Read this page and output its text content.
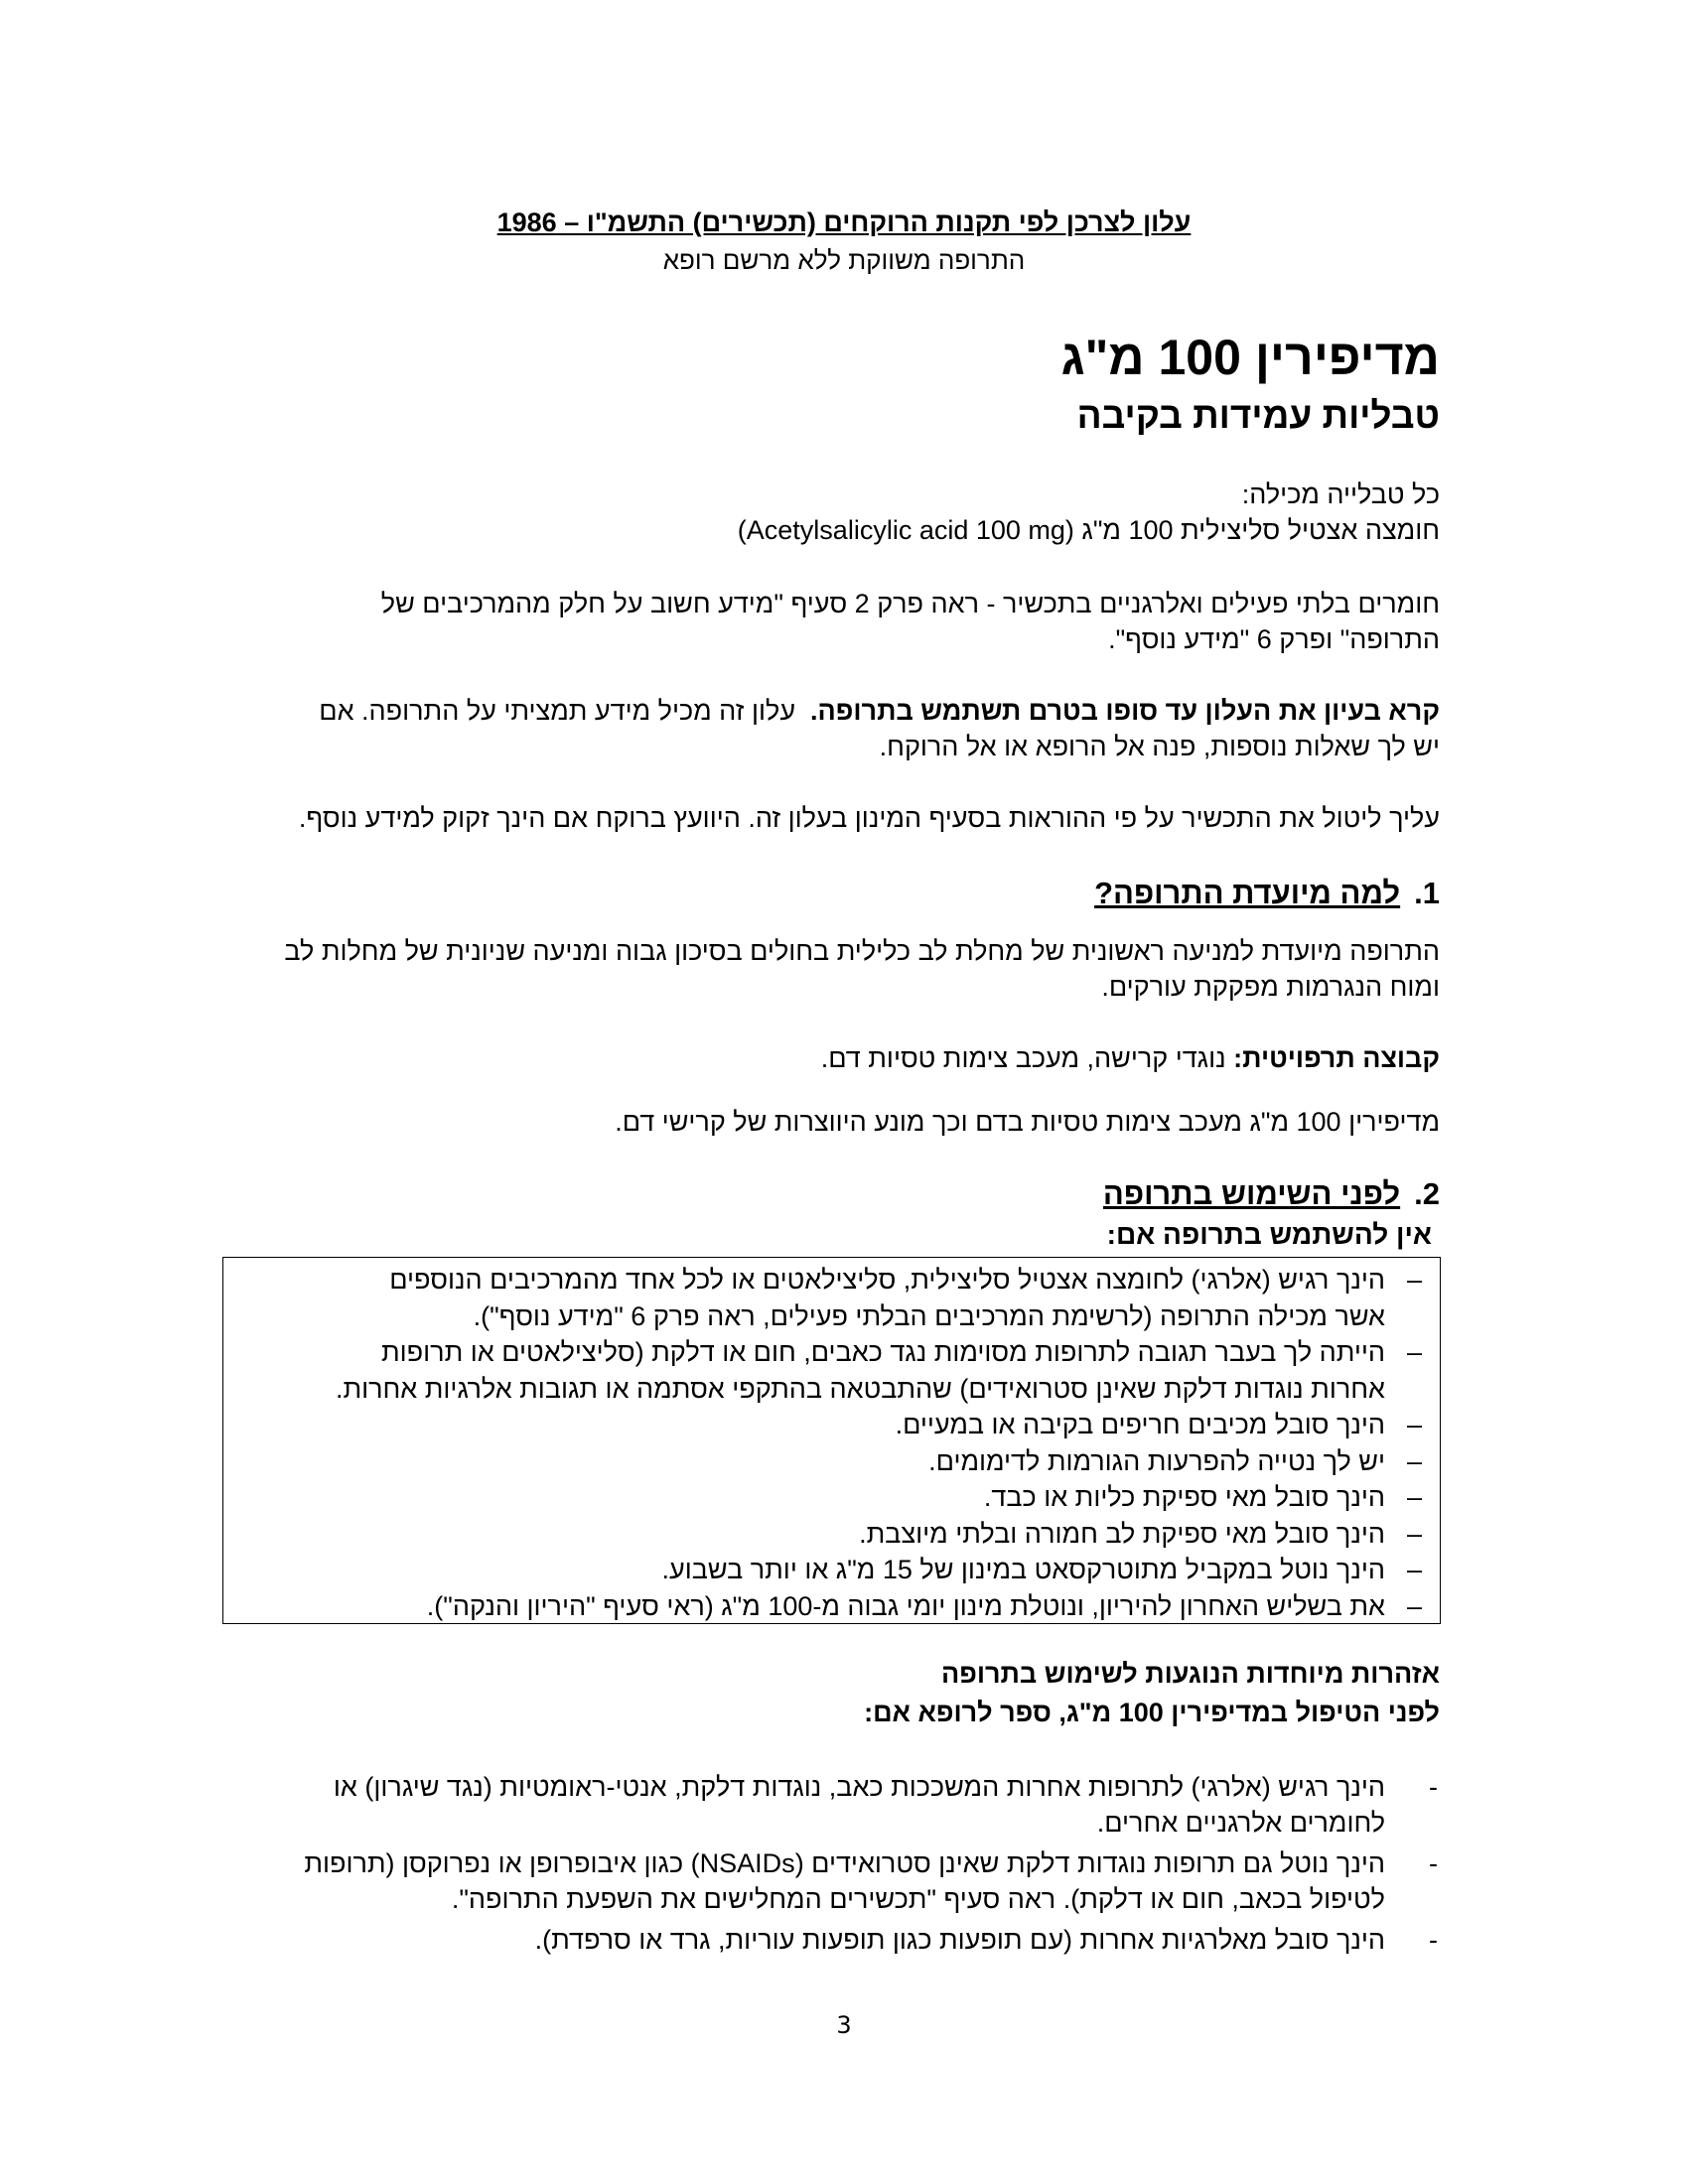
עלון לצרכן לפי תקנות הרוקחים (תכשירים) התשמ"ו – 1986
התרופה משווקת ללא מרשם רופא
מדיפירין 100 מ"ג
טבליות עמידות בקיבה

כל טבלייה מכילה:

חומצה אצטיל סליצילית 100 מ"ג (Acetylsalicylic acid 100 mg)

חומרים בלתי פעילים ואלרגניים בתכשיר - ראה פרק 2 סעיף "מידע חשוב על חלק מהמרכיבים של

התרופה" ופרק 6 "מידע נוסף".

קרא בעיון את העלון עד סופו בטרם תשתמש בתרופה.  עלון זה מכיל מידע תמציתי על התרופה. אם

יש לך שאלות נוספות, פנה אל הרופא או אל הרוקח.

עליך ליטול את התכשיר על פי ההוראות בסעיף המינון בעלון זה. היוועץ ברוקח אם הינך זקוק למידע נוסף.

1.
למה מיועדת התרופה?

התרופה מיועדת למניעה ראשונית של מחלת לב כלילית בחולים בסיכון גבוה ומניעה שניונית של מחלות לב

ומוח הנגרמות מפקקת עורקים.

קבוצה תרפויטית: נוגדי קרישה, מעכב צימות טסיות דם.

מדיפירין 100 מ"ג מעכב צימות טסיות בדם וכך מונע היווצרות של קרישי דם.

2.
לפני השימוש בתרופה
אין להשתמש בתרופה אם:
–
הינך רגיש (אלרגי) לחומצה אצטיל סליצילית, סליצילאטים או לכל אחד מהמרכיבים הנוספים
אשר מכילה התרופה (לרשימת המרכיבים הבלתי פעילים, ראה פרק 6 "מידע נוסף").
–
הייתה לך בעבר תגובה לתרופות מסוימות נגד כאבים, חום או דלקת (סליצילאטים או תרופות
אחרות נוגדות דלקת שאינן סטרואידים) שהתבטאה בהתקפי אסתמה או תגובות אלרגיות אחרות.
–
הינך סובל מכיבים חריפים בקיבה או במעיים.
–
יש לך נטייה להפרעות הגורמות לדימומים.
–
הינך סובל מאי ספיקת כליות או כבד.
–
הינך סובל מאי ספיקת לב חמורה ובלתי מיוצבת.
–
הינך נוטל במקביל מתוטרקסאט במינון של 15 מ"ג או יותר בשבוע.
–
את בשליש האחרון להיריון, ונוטלת מינון יומי גבוה מ-100 מ"ג (ראי סעיף "היריון והנקה").
אזהרות מיוחדות הנוגעות לשימוש בתרופה
לפני הטיפול במדיפירין 100 מ"ג, ספר לרופא אם:
-
הינך רגיש (אלרגי) לתרופות אחרות המשככות כאב, נוגדות דלקת, אנטי-ראומטיות (נגד שיגרון) או
לחומרים אלרגניים אחרים.
-
הינך נוטל גם תרופות נוגדות דלקת שאינן סטרואידים (NSAIDs) כגון איבופרופן או נפרוקסן (תרופות
לטיפול בכאב, חום או דלקת). ראה סעיף "תכשירים המחלישים את השפעת התרופה".
-
הינך סובל מאלרגיות אחרות (עם תופעות כגון תופעות עוריות, גרד או סרפדת).
3
